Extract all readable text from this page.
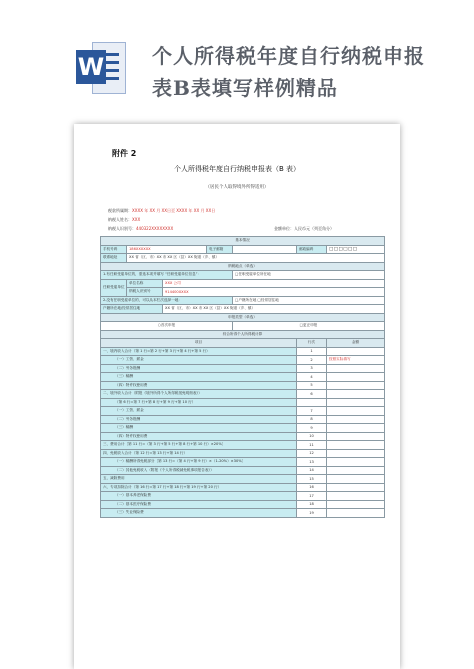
W 个人所得税年度自行纳税申报
表B表填写样例精品
附件 2
个人所得税年度自行纳税申报表（B 表）
（居民个人取得境外所得适用）
税款所属期：XXXX 年 XX 月 XX日至 XXXX 年 XX 月 XX日
纳税人姓名：XXX
纳税人识别号：440322XXXXXXXX	金额单位：人民币元（列至角分）
基本情况						
手机号码	186XXXXXX		电子邮箱		邮政编码	□□□□□□
联系地址	XX 省（区、市）XX 市 XX 区（县）XX 街道（乡、镇）					
纳税地点（单选）						
1.有任职受雇单位的，需选本项并填写 “任职受雇单位信息”：				□任职受雇单位所在地		
任职受雇单位	单位名称	XXX 公司				
	纳税人识别号	914400XXXX				
2.没有任职受雇单位的，可以从本栏次选择一地：				□户籍所在地 □经常居住地		
户籍所在地/经常居住地		XX 省（区、市）XX 市 XX 区（县）XX 街道（乡、镇）				
申报类型（单选）						
○首次申报				□更正申报		
综合所得个人所得税计算						
项目					行次	金额
一、境内收入合计（第 1 行=第 2 行+第 3 行+第 4 行+第 5 行）					1	
（一）工资、薪金					2	按照实际填写
（二）劳务报酬					3	
（三）稿酬					4	
（四）特许权使用费					5	
二、境外收入合计（附报《境外所得个人所得税抵免明细表》）					6	
（第 6 行=第 7 行+第 8 行+第 9 行+第 10 行）						
（一）工资、薪金					7	
（二）劳务报酬					8	
（三）稿酬					9	
（四）特许权使用费					10	
三、费用合计［第 11 行=（第 3 行+第 5 行+第 8 行+第 10 行）×20%］					11	
四、免税收入合计（第 12 行=第 13 行+第 14 行）					12	
（一）稿酬所得免税部分［第 13 行=（第 4 行+第 9 行）×（1-20%）×30%］					13	
（二）其他免税收入（附报《个人所得税减免税事项报告表》）					14	
五、减除费用					15	
六、专项扣除合计（第 16 行=第 17 行+第 18 行+第 19 行+第 20 行）					16	
（一）基本养老保险费					17	
（二）基本医疗保险费					18	
（三）失业保险费					19	
